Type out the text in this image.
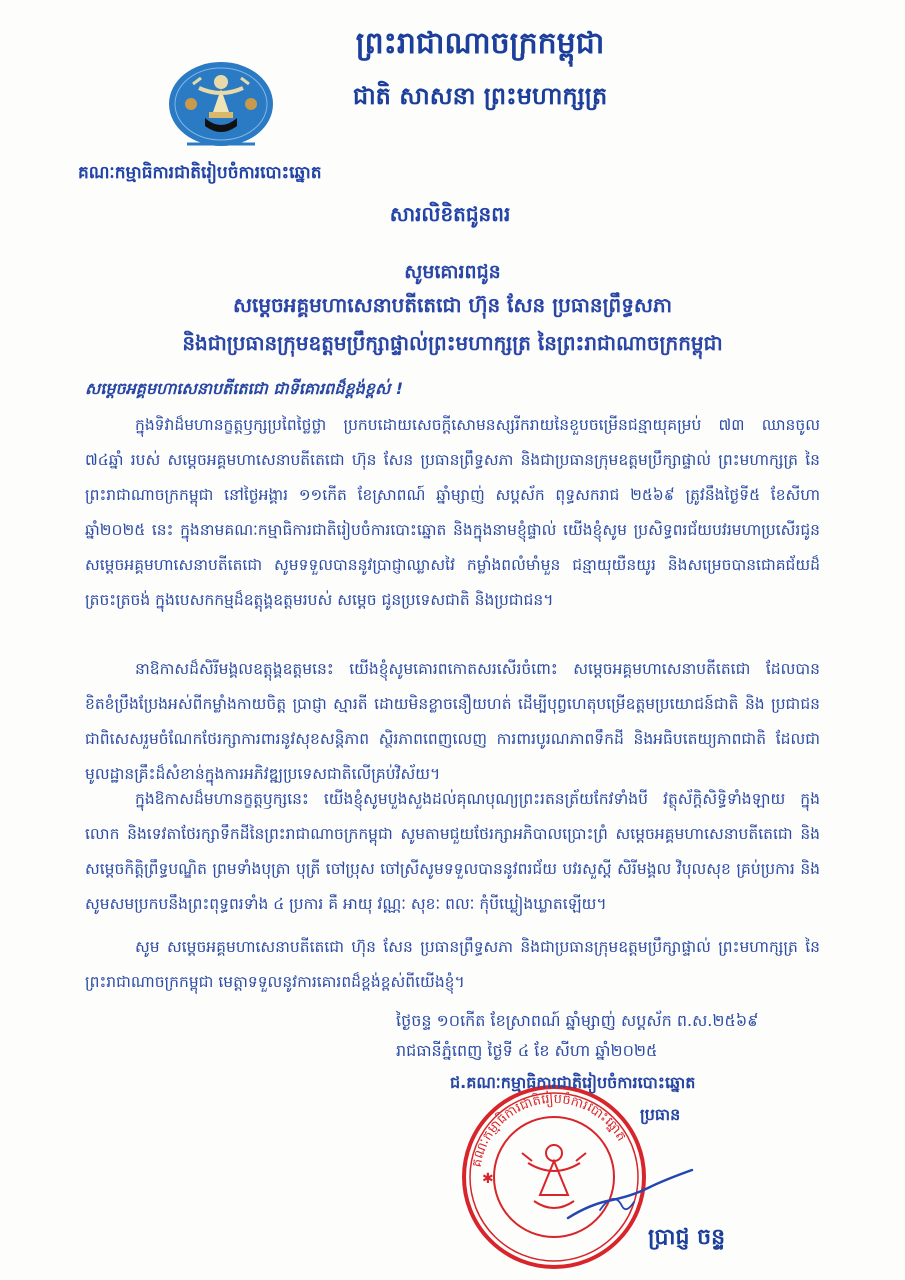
ព្រះរាជាណាចក្រកម្ពុជា
ជាតិ សាសនា ព្រះមហាក្សត្រ
គណៈកម្មាធិការជាតិរៀបចំការបោះឆ្នោត
សារលិខិតជូនពរ
សូមគោរពជូន
សម្តេចអគ្គមហាសេនាបតីតេជោ ហ៊ុន សែន ប្រធានព្រឹទ្ធសភា
និងជាប្រធានក្រុមឧត្តមប្រឹក្សាផ្ទាល់ព្រះមហាក្សត្រ នៃព្រះរាជាណាចក្រកម្ពុជា
សម្តេចអគ្គមហាសេនាបតីតេជោ ជាទីគោរពដ៏ខ្ពង់ខ្ពស់ !
ក្នុងទិវាដ៏មហានក្ខត្តឫក្សប្រពៃថ្លៃថ្លា ប្រកបដោយសេចក្តីសោមនស្សរីករាយនៃខួបចម្រើនជន្មាយុគម្រប់ ៧៣ ឈានចូល ៧៤ឆ្នាំ របស់ សម្តេចអគ្គមហាសេនាបតីតេជោ ហ៊ុន សែន ប្រធានព្រឹទ្ធសភា និងជាប្រធានក្រុមឧត្តមប្រឹក្សាផ្ទាល់ ព្រះមហាក្សត្រ នៃព្រះរាជាណាចក្រកម្ពុជា នៅថ្ងៃអង្គារ ១១កើត ខែស្រាពណ៍ ឆ្នាំម្សាញ់ សប្តស័ក ពុទ្ធសករាជ ២៥៦៩ ត្រូវនឹងថ្ងៃទី៥ ខែសីហា ឆ្នាំ២០២៥ នេះ ក្នុងនាមគណៈកម្មាធិការជាតិរៀបចំការបោះឆ្នោត និងក្នុងនាមខ្ញុំផ្ទាល់ យើងខ្ញុំសូម ប្រសិទ្ធពរជ័យបវរមហាប្រសើរជូន សម្តេចអគ្គមហាសេនាបតីតេជោ សូមទទួលបាននូវប្រាជ្ញាឈ្លាសវៃ កម្លាំងពលំមាំមួន ជន្មាយុយឺនយូរ និងសម្រេចបានជោគជ័យដ៏ត្រចះត្រចង់ ក្នុងបេសកកម្មដ៏ឧត្តុង្គឧត្តមរបស់ សម្តេច ជូនប្រទេសជាតិ និងប្រជាជន។
នាឱកាសដ៏សិរីមង្គលឧត្តុង្គឧត្តមនេះ យើងខ្ញុំសូមគោរពកោតសរសើរចំពោះ សម្តេចអគ្គមហាសេនាបតីតេជោ ដែលបាន ខិតខំប្រឹងប្រែងអស់ពីកម្លាំងកាយចិត្ត ប្រាជ្ញា ស្មារតី ដោយមិនខ្លាចនឿយហត់ ដើម្បីបុព្វហេតុបម្រើឧត្តមប្រយោជន៍ជាតិ និង ប្រជាជនជាពិសេសរួមចំណែកថែរក្សាការពារនូវសុខសន្តិភាព ស្ថិរភាពពេញលេញ ការពារបូរណភាពទឹកដី និងអធិបតេយ្យភាពជាតិ ដែលជាមូលដ្ឋានគ្រឹះដ៏សំខាន់ក្នុងការអភិវឌ្ឍប្រទេសជាតិលើគ្រប់វិស័យ។
ក្នុងឱកាសដ៏មហានក្ខត្តឫក្សនេះ យើងខ្ញុំសូមបួងសួងដល់គុណបុណ្យព្រះរតនត្រ័យកែវទាំងបី វត្ថុស័ក្តិសិទ្ធិទាំងឡាយ ក្នុងលោក និងទេវតាថែរក្សាទឹកដីនៃព្រះរាជាណាចក្រកម្ពុជា សូមតាមជួយថែរក្សាអភិបាលប្រោះព្រំ សម្តេចអគ្គមហាសេនាបតីតេជោ និង សម្តេចកិត្តិព្រឹទ្ធបណ្ឌិត ព្រមទាំងបុត្រា បុត្រី ចៅប្រុស ចៅស្រីសូមទទួលបាននូវពរជ័យ បវរសួស្តី សិរីមង្គល វិបុលសុខ គ្រប់ប្រការ និងសូមសមប្រកបនឹងព្រះពុទ្ធពរទាំង ៤ ប្រការ គឺ អាយុ វណ្ណៈ សុខៈ ពលៈ កុំបីឃ្លៀងឃ្លាតឡើយ។
សូម សម្តេចអគ្គមហាសេនាបតីតេជោ ហ៊ុន សែន ប្រធានព្រឹទ្ធសភា និងជាប្រធានក្រុមឧត្តមប្រឹក្សាផ្ទាល់ ព្រះមហាក្សត្រ នៃព្រះរាជាណាចក្រកម្ពុជា មេត្តាទទួលនូវការគោរពដ៏ខ្ពង់ខ្ពស់ពីយើងខ្ញុំ។
ថ្ងៃចន្ទ ១០កើត ខែស្រាពណ៍ ឆ្នាំម្សាញ់ សប្តស័ក ព.ស.២៥៦៩
រាជធានីភ្នំពេញ ថ្ងៃទី ៤ ខែ សីហា ឆ្នាំ២០២៥
គណៈកម្មាធិការជាតិរៀបចំការបោះឆ្នោត
✱
ជ.គណៈកម្មាធិការជាតិរៀបចំការបោះឆ្នោត
ប្រធាន
ប្រាជ្ញ ចន្ទ
